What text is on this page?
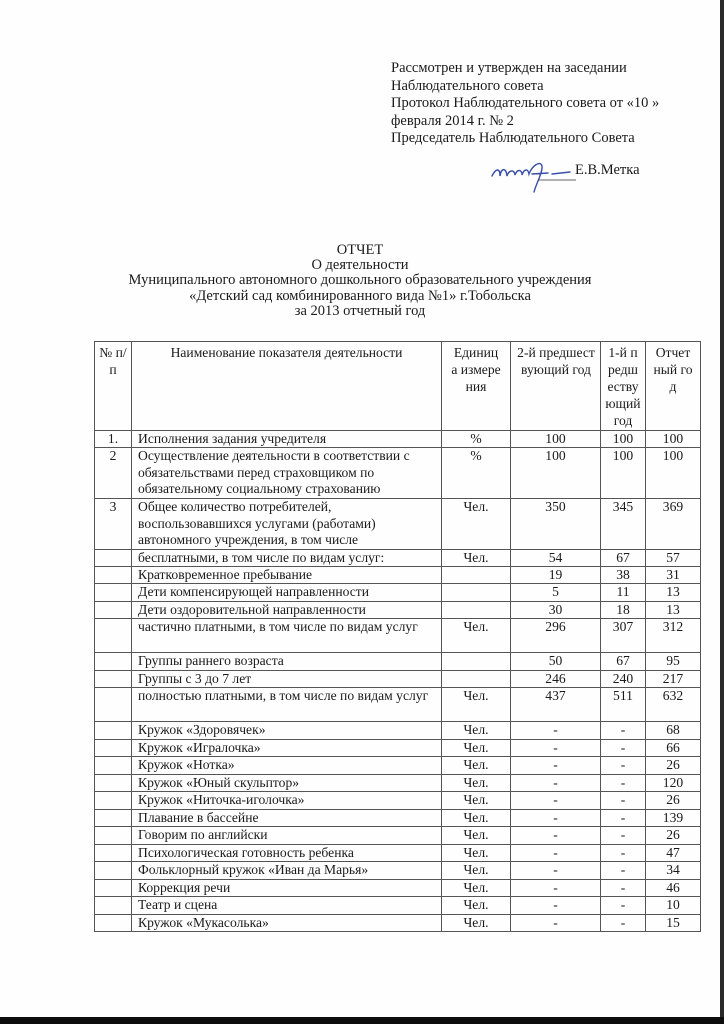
Рассмотрен и утвержден на заседании
Наблюдательного совета
Протокол Наблюдательного совета от «10 »
февраля 2014 г. № 2
Председатель Наблюдательного Совета
Е.В.Метка
ОТЧЕТ
О деятельности
Муниципального автономного дошкольного образовательного учреждения
«Детский сад комбинированного вида №1» г.Тобольска
за 2013 отчетный год
№ п/п	Наименование показателя деятельности	Единица измерения	2-й предшествующий год	1-й предшествующий год	Отчетный год
1.	Исполнения задания учредителя	%	100	100	100
2	Осуществление деятельности в соответствии с обязательствами перед страховщиком по обязательному социальному страхованию	%	100	100	100
3	Общее количество потребителей, воспользовавшихся услугами (работами) автономного учреждения, в том числе	Чел.	350	345	369
	бесплатными, в том числе по видам услуг:	Чел.	54	67	57
	Кратковременное пребывание		19	38	31
	Дети компенсирующей направленности		5	11	13
	Дети оздоровительной направленности		30	18	13
	частично платными, в том числе по видам услуг	Чел.	296	307	312
	Группы раннего возраста		50	67	95
	Группы с 3 до 7 лет		246	240	217
	полностью платными, в том числе по видам услуг	Чел.	437	511	632
	Кружок «Здоровячек»	Чел.	-	-	68
	Кружок «Игралочка»	Чел.	-	-	66
	Кружок «Нотка»	Чел.	-	-	26
	Кружок «Юный скульптор»	Чел.	-	-	120
	Кружок «Ниточка-иголочка»	Чел.	-	-	26
	Плавание в бассейне	Чел.	-	-	139
	Говорим по английски	Чел.	-	-	26
	Психологическая готовность ребенка	Чел.	-	-	47
	Фольклорный кружок «Иван да Марья»	Чел.	-	-	34
	Коррекция речи	Чел.	-	-	46
	Театр и сцена	Чел.	-	-	10
	Кружок «Мукасолька»	Чел.	-	-	15
